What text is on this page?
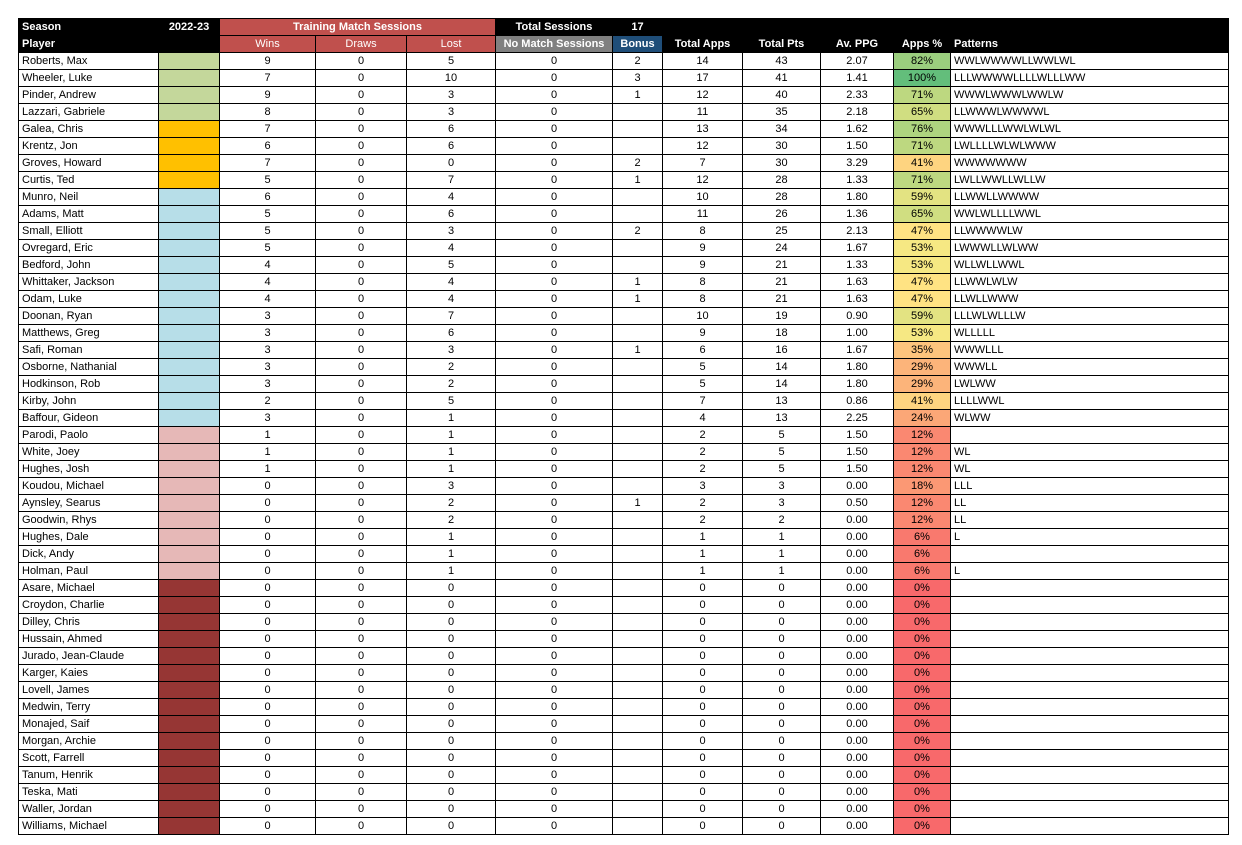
Season	2022-23	Training Match Sessions			Total Sessions	17					
Player		Wins	Draws	Lost	No Match Sessions	Bonus	Total Apps	Total Pts	Av. PPG	Apps %	Patterns
Roberts, Max		9	0	5	0	2	14	43	2.07	82%	WWLWWWWLLWWLWL
Wheeler, Luke		7	0	10	0	3	17	41	1.41	100%	LLLWWWWLLLLWLLLWW
Pinder, Andrew		9	0	3	0	1	12	40	2.33	71%	WWWLWWWLWWLW
Lazzari, Gabriele		8	0	3	0		11	35	2.18	65%	LLWWWLWWWWL
Galea, Chris		7	0	6	0		13	34	1.62	76%	WWWLLLWWLWLWL
Krentz, Jon		6	0	6	0		12	30	1.50	71%	LWLLLLWLWLWWW
Groves, Howard		7	0	0	0	2	7	30	3.29	41%	WWWWWWW
Curtis, Ted		5	0	7	0	1	12	28	1.33	71%	LWLLWWLLWLLW
Munro, Neil		6	0	4	0		10	28	1.80	59%	LLWWLLWWWW
Adams, Matt		5	0	6	0		11	26	1.36	65%	WWLWLLLLWWL
Small, Elliott		5	0	3	0	2	8	25	2.13	47%	LLWWWWLW
Ovregard, Eric		5	0	4	0		9	24	1.67	53%	LWWWLLWLWW
Bedford, John		4	0	5	0		9	21	1.33	53%	WLLWLLWWL
Whittaker, Jackson		4	0	4	0	1	8	21	1.63	47%	LLWWLWLW
Odam, Luke		4	0	4	0	1	8	21	1.63	47%	LLWLLWWW
Doonan, Ryan		3	0	7	0		10	19	0.90	59%	LLLWLWLLLW
Matthews, Greg		3	0	6	0		9	18	1.00	53%	WLLLLL
Safi, Roman		3	0	3	0	1	6	16	1.67	35%	WWWLLL
Osborne, Nathanial		3	0	2	0		5	14	1.80	29%	WWWLL
Hodkinson, Rob		3	0	2	0		5	14	1.80	29%	LWLWW
Kirby, John		2	0	5	0		7	13	0.86	41%	LLLLWWL
Baffour, Gideon		3	0	1	0		4	13	2.25	24%	WLWW
Parodi, Paolo		1	0	1	0		2	5	1.50	12%	
White, Joey		1	0	1	0		2	5	1.50	12%	WL
Hughes, Josh		1	0	1	0		2	5	1.50	12%	WL
Koudou, Michael		0	0	3	0		3	3	0.00	18%	LLL
Aynsley, Searus		0	0	2	0	1	2	3	0.50	12%	LL
Goodwin, Rhys		0	0	2	0		2	2	0.00	12%	LL
Hughes, Dale		0	0	1	0		1	1	0.00	6%	L
Dick, Andy		0	0	1	0		1	1	0.00	6%	
Holman, Paul		0	0	1	0		1	1	0.00	6%	L
Asare, Michael		0	0	0	0		0	0	0.00	0%	
Croydon, Charlie		0	0	0	0		0	0	0.00	0%	
Dilley, Chris		0	0	0	0		0	0	0.00	0%	
Hussain, Ahmed		0	0	0	0		0	0	0.00	0%	
Jurado, Jean-Claude		0	0	0	0		0	0	0.00	0%	
Karger, Kaies		0	0	0	0		0	0	0.00	0%	
Lovell, James		0	0	0	0		0	0	0.00	0%	
Medwin, Terry		0	0	0	0		0	0	0.00	0%	
Monajed, Saif		0	0	0	0		0	0	0.00	0%	
Morgan, Archie		0	0	0	0		0	0	0.00	0%	
Scott, Farrell		0	0	0	0		0	0	0.00	0%	
Tanum, Henrik		0	0	0	0		0	0	0.00	0%	
Teska, Mati		0	0	0	0		0	0	0.00	0%	
Waller, Jordan		0	0	0	0		0	0	0.00	0%	
Williams, Michael		0	0	0	0		0	0	0.00	0%	
